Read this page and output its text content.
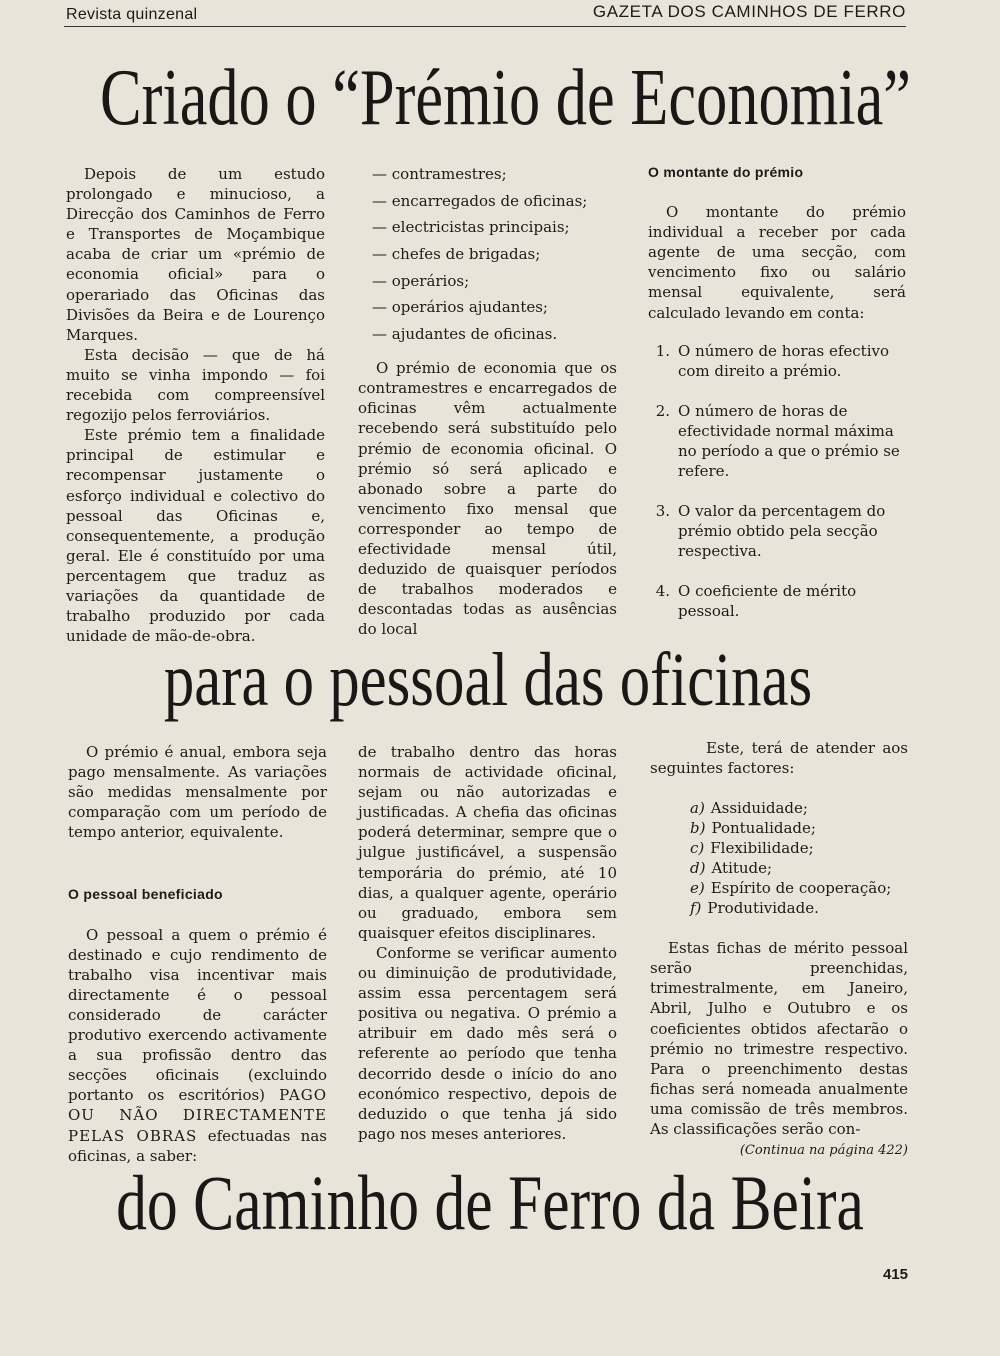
Revista quinzenal	GAZETA DOS CAMINHOS DE FERRO
Criado o “Prémio de Economia”

Depois de um estudo prolongado e minucioso, a Direcção dos Caminhos de Ferro e Transportes de Moçambique acaba de criar um «prémio de economia oficial» para o operariado das Oficinas das Divisões da Beira e de Lourenço Marques.

Esta decisão — que de há muito se vinha impondo — foi recebida com compreensível regozijo pelos ferroviários.

Este prémio tem a finalidade principal de estimular e recompensar justamente o esforço individual e colectivo do pessoal das Oficinas e, consequentemente, a produção geral. Ele é constituído por uma percentagem que traduz as variações da quantidade de trabalho produzido por cada unidade de mão-de-obra.

— contramestres;
— encarregados de oficinas;
— electricistas principais;
— chefes de brigadas;
— operários;
— operários ajudantes;
— ajudantes de oficinas.

O prémio de economia que os contramestres e encarregados de oficinas vêm actualmente recebendo será substituído pelo prémio de economia oficinal. O prémio só será aplicado e abonado sobre a parte do vencimento fixo mensal que corresponder ao tempo de efectividade mensal útil, deduzido de quaisquer períodos de trabalhos moderados e descontadas todas as ausências do local

O montante do prémio

O montante do prémio individual a receber por cada agente de uma secção, com vencimento fixo ou salário mensal equivalente, será calculado levando em conta:

1. O número de horas efectivo com direito a prémio.
2. O número de horas de efectividade normal máxima no período a que o prémio se refere.
3. O valor da percentagem do prémio obtido pela secção respectiva.
4. O coeficiente de mérito pessoal.
para o pessoal das oficinas

O prémio é anual, embora seja pago mensalmente. As variações são medidas mensalmente por comparação com um período de tempo anterior, equivalente.

O pessoal beneficiado

O pessoal a quem o prémio é destinado e cujo rendimento de trabalho visa incentivar mais directamente é o pessoal considerado de carácter produtivo exercendo activamente a sua profissão dentro das secções oficinais (excluindo portanto os escritórios) PAGO OU NÃO DIRECTAMENTE PELAS OBRAS efectuadas nas oficinas, a saber:

de trabalho dentro das horas normais de actividade oficinal, sejam ou não autorizadas e justificadas. A chefia das oficinas poderá determinar, sempre que o julgue justificável, a suspensão temporária do prémio, até 10 dias, a qualquer agente, operário ou graduado, embora sem quaisquer efeitos disciplinares.

Conforme se verificar aumento ou diminuição de produtividade, assim essa percentagem será positiva ou negativa. O prémio a atribuir em dado mês será o referente ao período que tenha decorrido desde o início do ano económico respectivo, depois de deduzido o que tenha já sido pago nos meses anteriores.

Este, terá de atender aos seguintes factores:

a) Assiduidade;
b) Pontualidade;
c) Flexibilidade;
d) Atitude;
e) Espírito de cooperação;
f) Produtividade.

Estas fichas de mérito pessoal serão preenchidas, trimestralmente, em Janeiro, Abril, Julho e Outubro e os coeficientes obtidos afectarão o prémio no trimestre respectivo. Para o preenchimento destas fichas será nomeada anualmente uma comissão de três membros. As classificações serão con-

(Continua na página 422)
do Caminho de Ferro da Beira
415
